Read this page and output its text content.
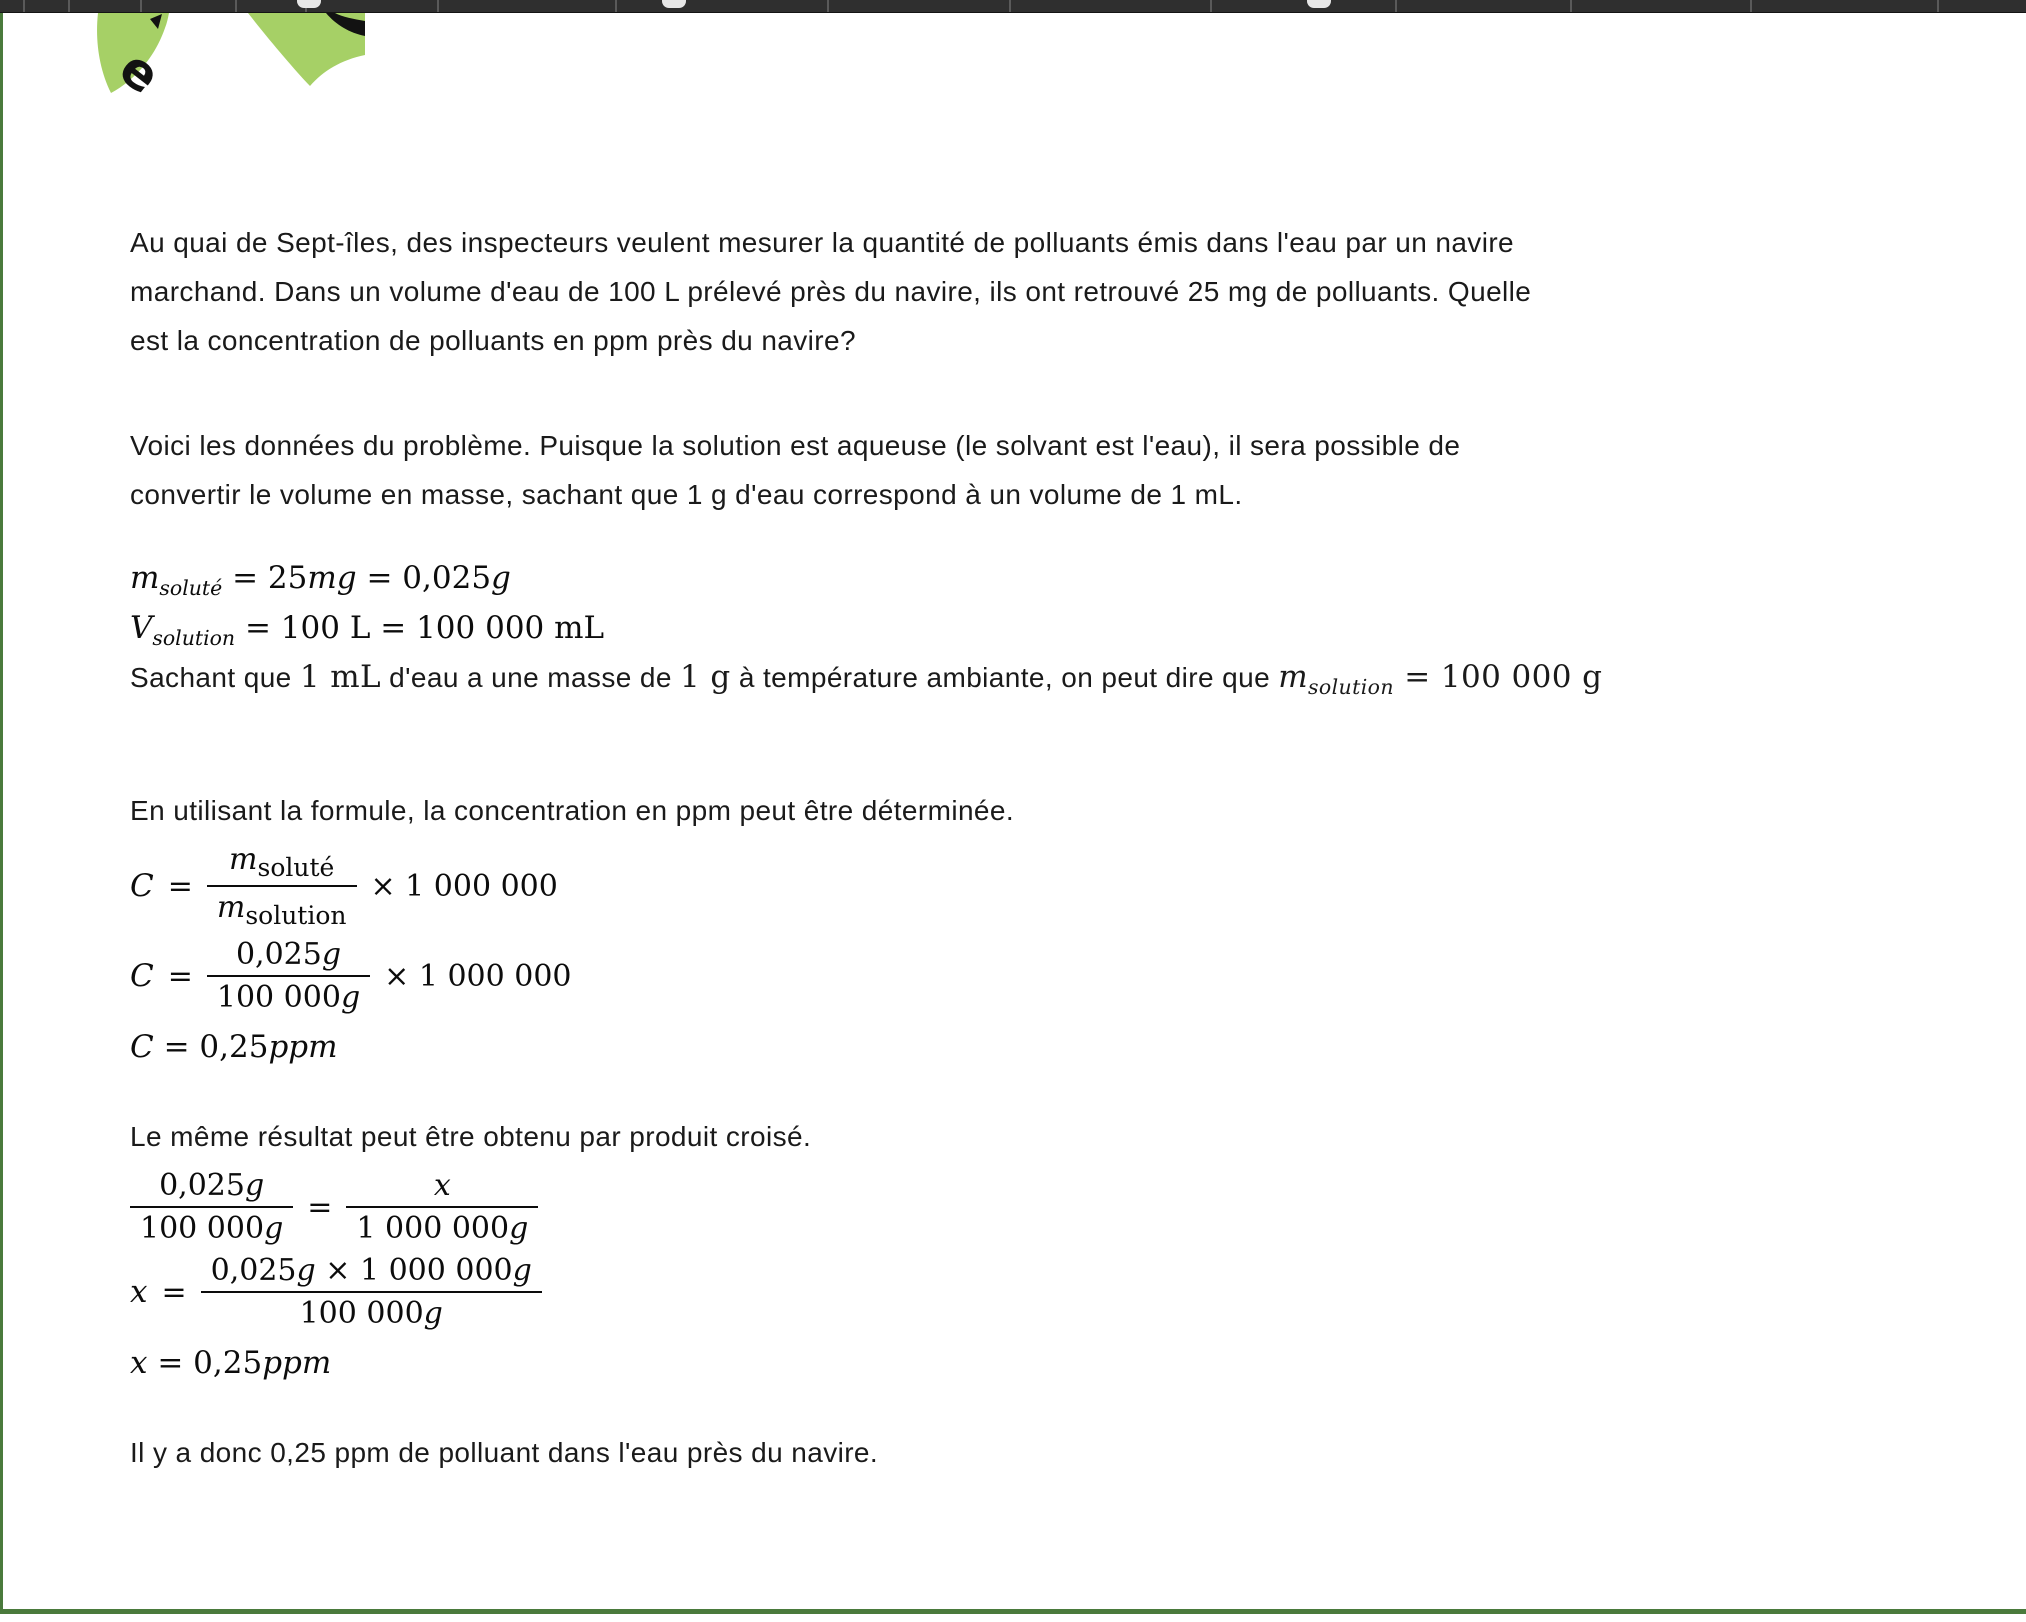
e

Au quai de Sept-îles, des inspecteurs veulent mesurer la quantité de polluants émis dans l'eau par un navire marchand. Dans un volume d'eau de 100 L prélevé près du navire, ils ont retrouvé 25 mg de polluants. Quelle est la concentration de polluants en ppm près du navire?

Voici les données du problème. Puisque la solution est aqueuse (le solvant est l'eau), il sera possible de convertir le volume en masse, sachant que 1 g d'eau correspond à un volume de 1 mL.

$m_{soluté} = 25mg = 0,025g$
$V_{solution} = 100$ L = 100 000 mL

Sachant que 1 mL d'eau a une masse de 1 g à température ambiante, on peut dire que $m_{solution} = 100$ 000 g

En utilisant la formule, la concentration en ppm peut être déterminée.

$C = \frac{m_{soluté}}{m_{solution}} \times 1$ 000 000
$C = \frac{0,025g}{100 000g} \times 1$ 000 000
C = 0,25ppm

Le même résultat peut être obtenu par produit croisé.

$\frac{0,025g}{100 000g} = \frac{x}{1 000 000g}$
$x = \frac{0,025g \times 1 000 000g}{100 000g}$
x = 0,25ppm

Il y a donc 0,25 ppm de polluant dans l'eau près du navire.
